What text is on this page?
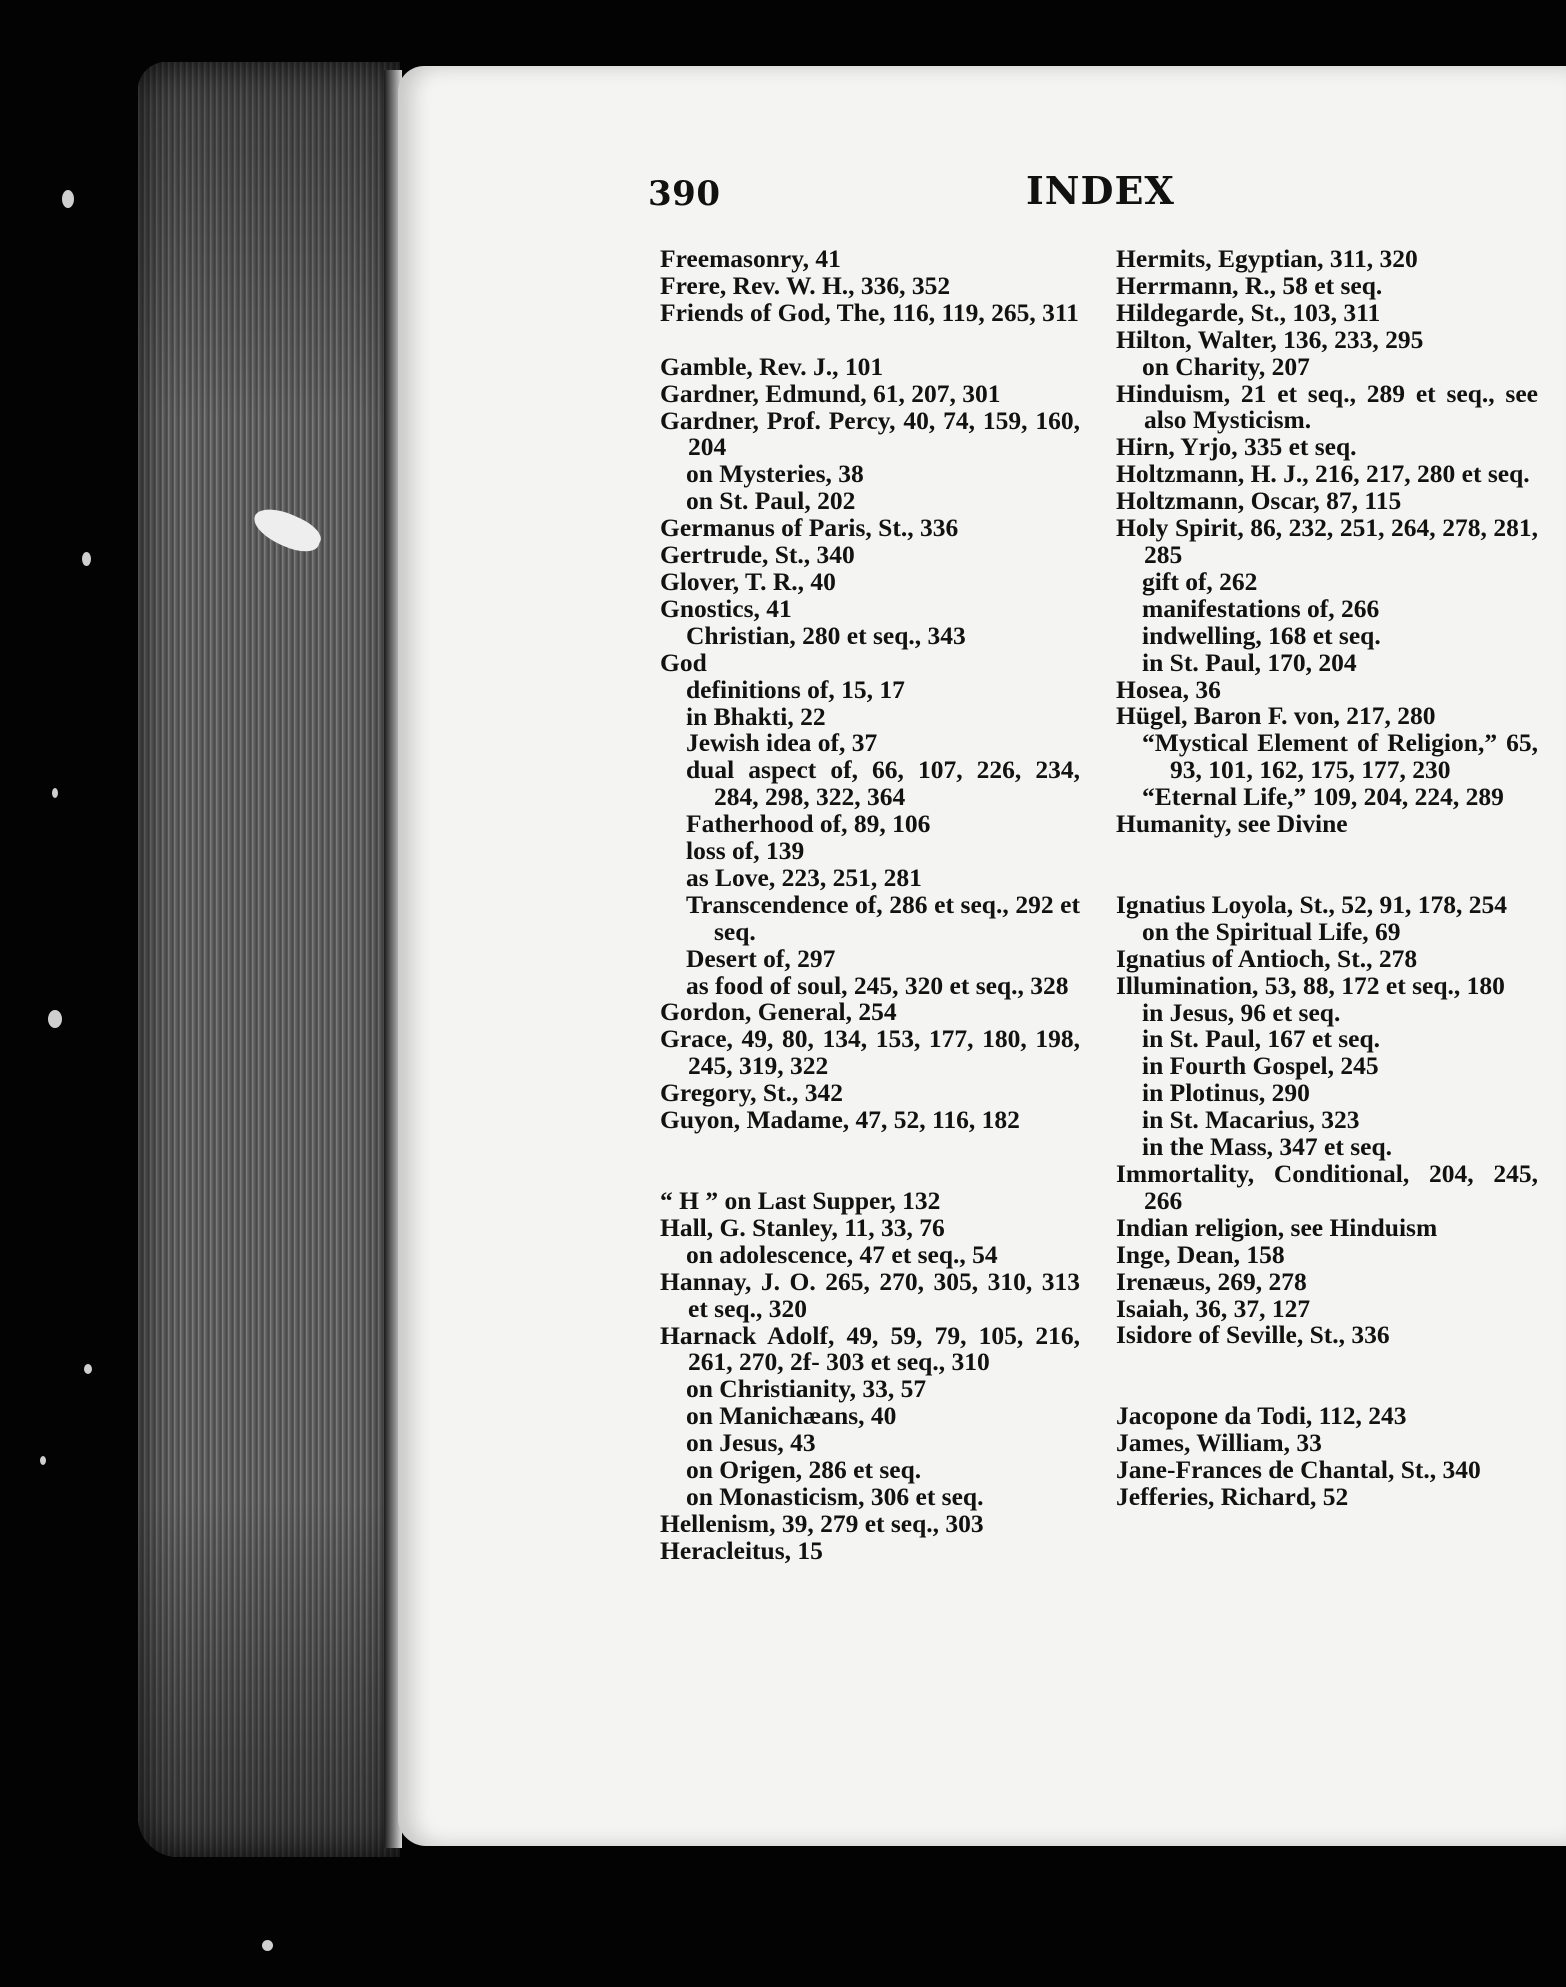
390	INDEX
Freemasonry, 41
Frere, Rev. W. H., 336, 352
Friends of God, The, 116, 119, 265, 311
Gamble, Rev. J., 101
Gardner, Edmund, 61, 207, 301
Gardner, Prof. Percy, 40, 74, 159, 160, 204
on Mysteries, 38
on St. Paul, 202
Germanus of Paris, St., 336
Gertrude, St., 340
Glover, T. R., 40
Gnostics, 41
Christian, 280 et seq., 343
God
definitions of, 15, 17
in Bhakti, 22
Jewish idea of, 37
dual aspect of, 66, 107, 226, 234, 284, 298, 322, 364
Fatherhood of, 89, 106
loss of, 139
as Love, 223, 251, 281
Transcendence of, 286 et seq., 292 et seq.
Desert of, 297
as food of soul, 245, 320 et seq., 328
Gordon, General, 254
Grace, 49, 80, 134, 153, 177, 180, 198, 245, 319, 322
Gregory, St., 342
Guyon, Madame, 47, 52, 116, 182
“ H ” on Last Supper, 132
Hall, G. Stanley, 11, 33, 76
on adolescence, 47 et seq., 54
Hannay, J. O. 265, 270, 305, 310, 313 et seq., 320
Harnack Adolf, 49, 59, 79, 105, 216, 261, 270, 2f- 303 et seq., 310
on Christianity, 33, 57
on Manichæans, 40
on Jesus, 43
on Origen, 286 et seq.
on Monasticism, 306 et seq.
Hellenism, 39, 279 et seq., 303
Heracleitus, 15
Hermits, Egyptian, 311, 320
Herrmann, R., 58 et seq.
Hildegarde, St., 103, 311
Hilton, Walter, 136, 233, 295
on Charity, 207
Hinduism, 21 et seq., 289 et seq., see also Mysticism.
Hirn, Yrjo, 335 et seq.
Holtzmann, H. J., 216, 217, 280 et seq.
Holtzmann, Oscar, 87, 115
Holy Spirit, 86, 232, 251, 264, 278, 281, 285
gift of, 262
manifestations of, 266
indwelling, 168 et seq.
in St. Paul, 170, 204
Hosea, 36
Hügel, Baron F. von, 217, 280
“Mystical Element of Religion,” 65, 93, 101, 162, 175, 177, 230
“Eternal Life,” 109, 204, 224, 289
Humanity, see Divine
Ignatius Loyola, St., 52, 91, 178, 254
on the Spiritual Life, 69
Ignatius of Antioch, St., 278
Illumination, 53, 88, 172 et seq., 180
in Jesus, 96 et seq.
in St. Paul, 167 et seq.
in Fourth Gospel, 245
in Plotinus, 290
in St. Macarius, 323
in the Mass, 347 et seq.
Immortality, Conditional, 204, 245, 266
Indian religion, see Hinduism
Inge, Dean, 158
Irenæus, 269, 278
Isaiah, 36, 37, 127
Isidore of Seville, St., 336
Jacopone da Todi, 112, 243
James, William, 33
Jane-Frances de Chantal, St., 340
Jefferies, Richard, 52
